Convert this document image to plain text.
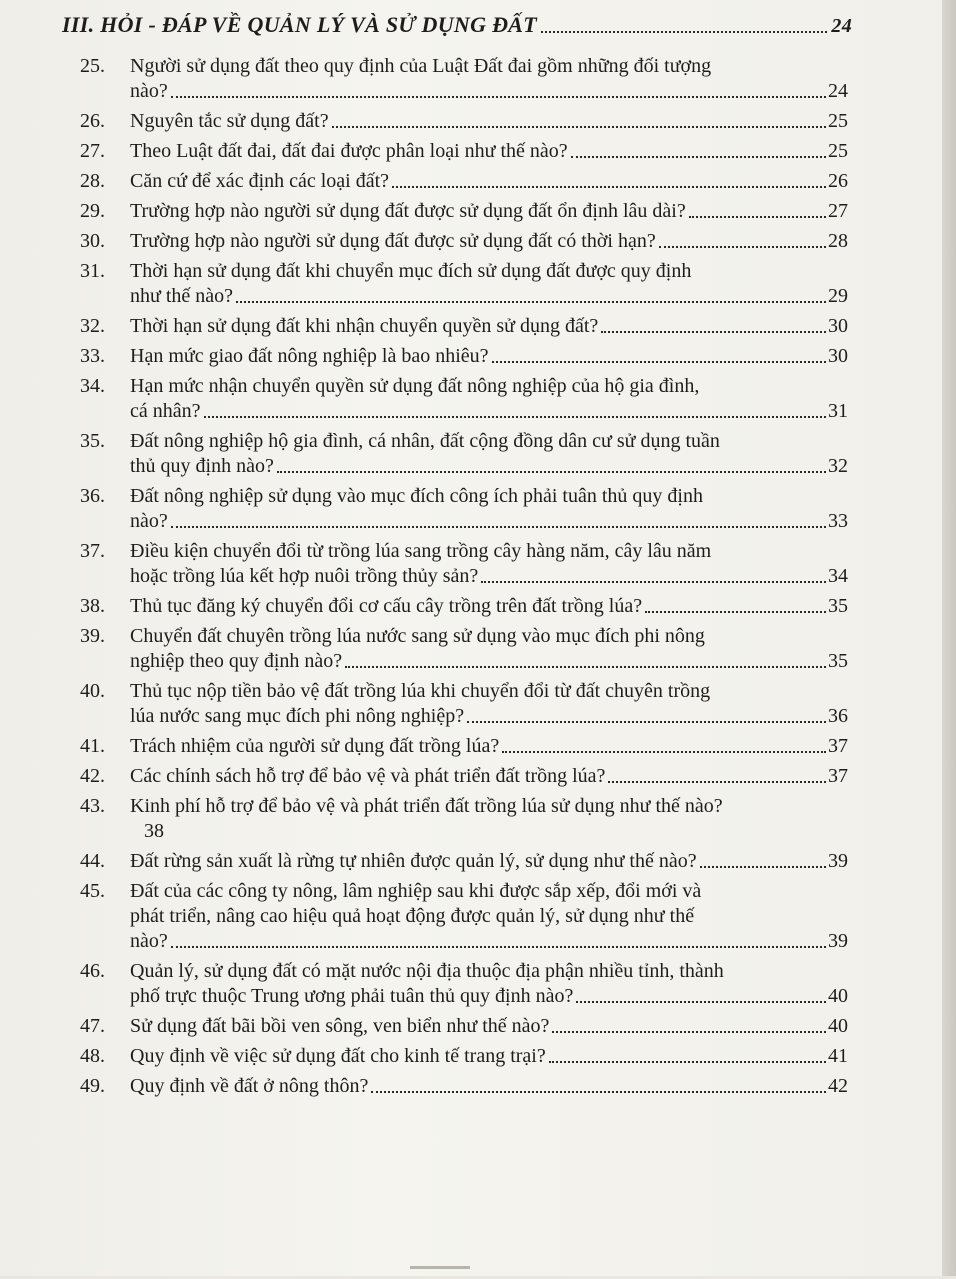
III. HỎI - ĐÁP VỀ QUẢN LÝ VÀ SỬ DỤNG ĐẤT	24
25.	Người sử dụng đất theo quy định của Luật Đất đai gồm những đối tượng
nào?	24
26.	Nguyên tắc sử dụng đất?	25
27.	Theo Luật đất đai, đất đai được phân loại như thế nào?	25
28.	Căn cứ để xác định các loại đất?	26
29.	Trường hợp nào người sử dụng đất được sử dụng đất ổn định lâu dài?	27
30.	Trường hợp nào người sử dụng đất được sử dụng đất có thời hạn?	28
31.	Thời hạn sử dụng đất khi chuyển mục đích sử dụng đất được quy định
như thế nào?	29
32.	Thời hạn sử dụng đất khi nhận chuyển quyền sử dụng đất?	30
33.	Hạn mức giao đất nông nghiệp là bao nhiêu?	30
34.	Hạn mức nhận chuyển quyền sử dụng đất nông nghiệp của hộ gia đình,
cá nhân?	31
35.	Đất nông nghiệp hộ gia đình, cá nhân, đất cộng đồng dân cư sử dụng tuần
thủ quy định nào?	32
36.	Đất nông nghiệp sử dụng vào mục đích công ích phải tuân thủ quy định
nào?	33
37.	Điều kiện chuyển đổi từ trồng lúa sang trồng cây hàng năm, cây lâu năm
hoặc trồng lúa kết hợp nuôi trồng thủy sản?	34
38.	Thủ tục đăng ký chuyển đổi cơ cấu cây trồng trên đất trồng lúa?	35
39.	Chuyển đất chuyên trồng lúa nước sang sử dụng vào mục đích phi nông
nghiệp theo quy định nào?	35
40.	Thủ tục nộp tiền bảo vệ đất trồng lúa khi chuyển đổi từ đất chuyên trồng
lúa nước sang mục đích phi nông nghiệp?	36
41.	Trách nhiệm của người sử dụng đất trồng lúa?	37
42.	Các chính sách hỗ trợ để bảo vệ và phát triển đất trồng lúa?	37
43.	Kinh phí hỗ trợ để bảo vệ và phát triển đất trồng lúa sử dụng như thế nào?
38
44.	Đất rừng sản xuất là rừng tự nhiên được quản lý, sử dụng như thế nào?	39
45.	Đất của các công ty nông, lâm nghiệp sau khi được sắp xếp, đổi mới và
phát triển, nâng cao hiệu quả hoạt động được quản lý, sử dụng như thế
nào?	39
46.	Quản lý, sử dụng đất có mặt nước nội địa thuộc địa phận nhiều tỉnh, thành
phố trực thuộc Trung ương phải tuân thủ quy định nào?	40
47.	Sử dụng đất bãi bồi ven sông, ven biển như thế nào?	40
48.	Quy định về việc sử dụng đất cho kinh tế trang trại?	41
49.	Quy định về đất ở nông thôn?	42
